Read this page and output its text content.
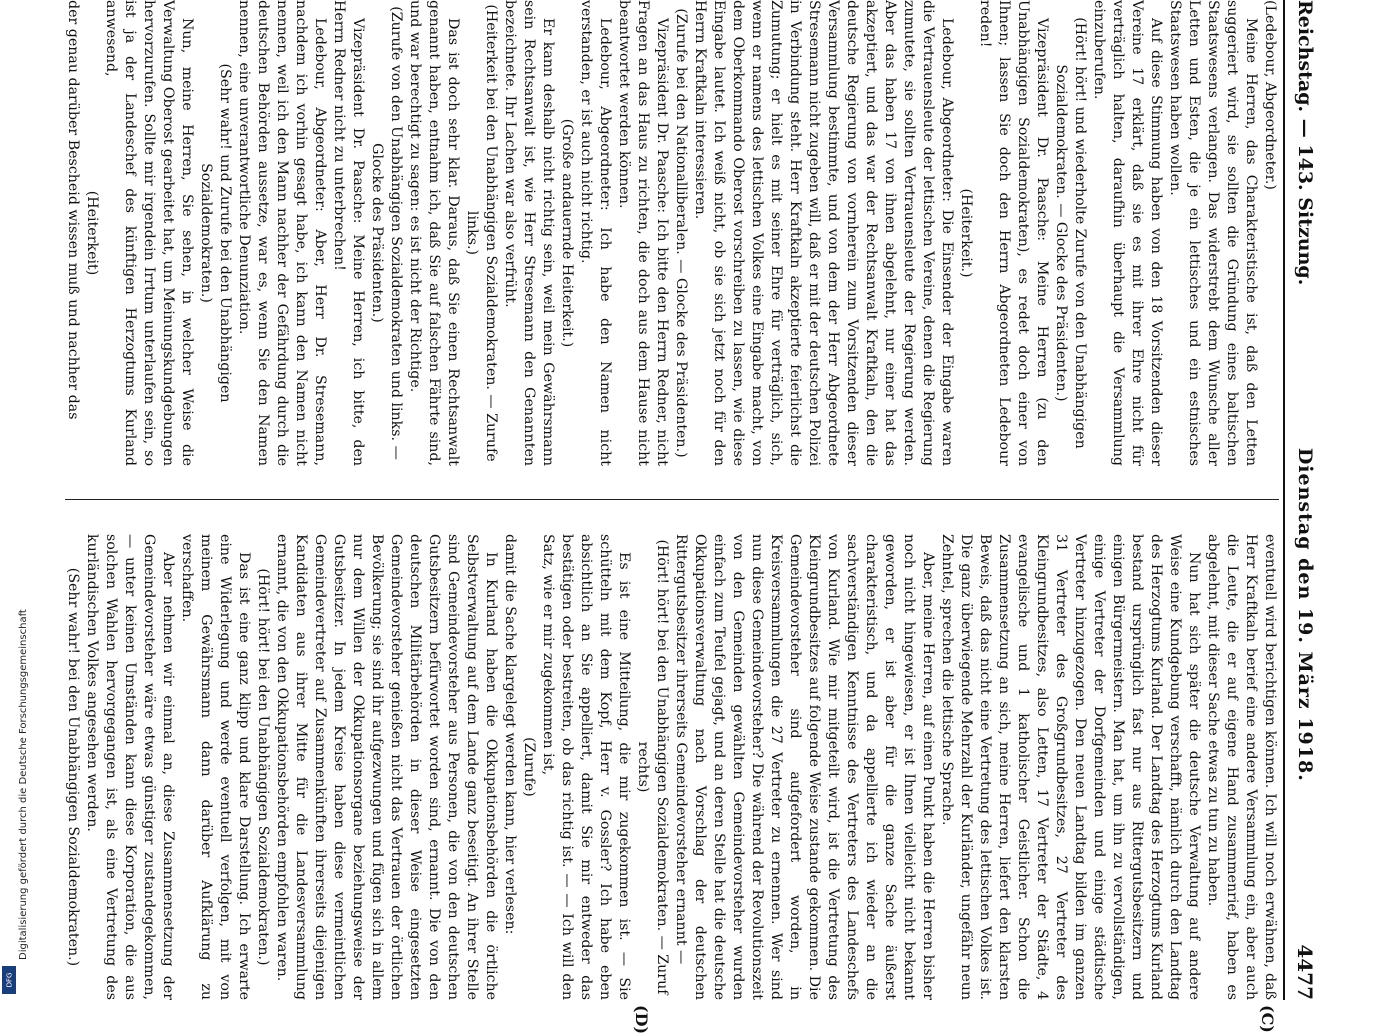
Digitalisierung gefördert durch die Deutsche Forschungsgemeinschaft
DFG
Reichstag. — 143. Sitzung.
Dienstag den 19. März 1918.
4477

(Ledebour, Abgeordneter.)

Meine Herren, das Charakteristische ist, daß den Letten suggeriert wird, sie sollten die Gründung eines baltischen Staatswesens verlangen. Das widerstrebt dem Wunsche aller Letten und Esten, die je ein lettisches und ein estnisches Staatswesen haben wollen.

Auf diese Stimmung haben von den 18 Vorsitzenden dieser Vereine 17 erklärt, daß sie es mit ihrer Ehre nicht für verträglich halten, daraufhin überhaupt die Versammlung einzuberufen.

(Hört! hört! und wiederholte Zurufe von den Unabhängigen Sozialdemokraten. — Glocke des Präsidenten.)

Vizepräsident Dr. Paasche: Meine Herren (zu den Unabhängigen Sozialdemokraten), es redet doch einer von Ihnen; lassen Sie doch den Herrn Abgeordneten Ledebour reden!

(Heiterkeit.)

Ledebour, Abgeordneter: Die Einsender der Eingabe waren die Vertrauensleute der lettischen Vereine, denen die Regierung zumutete, sie sollten Vertrauensleute der Regierung werden. Aber das haben 17 von ihnen abgelehnt, nur einer hat das akzeptiert, und das war der Rechtsanwalt Kraftkaln, den die deutsche Regierung von vornherein zum Vorsitzenden dieser Versammlung bestimmte, und von dem der Herr Abgeordnete Stresemann nicht zugeben will, daß er mit der deutschen Polizei in Verbindung steht. Herr Kraftkaln akzeptierte feierlichst die Zumutung; er hielt es mit seiner Ehre für verträglich, sich, wenn er namens des lettischen Volkes eine Eingabe macht, von dem Oberkommando Oberost vorschreiben zu lassen, wie diese Eingabe lautet. Ich weiß nicht, ob sie sich jetzt noch für den Herrn Kraftkaln interessieren.

(Zurufe bei den Nationalliberalen. — Glocke des Präsidenten.)

Vizepräsident Dr. Paasche: Ich bitte den Herrn Redner, nicht Fragen an das Haus zu richten, die doch aus dem Hause nicht beantwortet werden können.

Ledebour, Abgeordneter: Ich habe den Namen nicht verstanden, er ist auch nicht richtig.

(Große andauernde Heiterkeit.)

Er kann deshalb nicht richtig sein, weil mein Gewährsmann sein Rechtsanwalt ist, wie Herr Stresemann den Genannten bezeichnete. Ihr Lachen war also verfrüht.

(Heiterkeit bei den Unabhängigen Sozialdemokraten. — Zurufe links.)

Das ist doch sehr klar. Daraus, daß Sie einen Rechtsanwalt genannt haben, entnahm ich, daß Sie auf falschen Fährte sind, und war berechtigt zu sagen: es ist nicht der Richtige.

(Zurufe von den Unabhängigen Sozialdemokraten und links. — Glocke des Präsidenten.)

Vizepräsident Dr. Paasche: Meine Herren, ich bitte, den Herrn Redner nicht zu unterbrechen!

Ledebour, Abgeordneter: Aber, Herr Dr. Stresemann, nachdem ich vorhin gesagt habe, ich kann den Namen nicht nennen, weil ich den Mann nachher der Gefährdung durch die deutschen Behörden aussetze, war es, wenn Sie den Namen nennen, eine unverantwortliche Denunziation.

(Sehr wahr! und Zurufe bei den Unabhängigen Sozialdemokraten.)

Nun, meine Herren, Sie sehen, in welcher Weise die Verwaltung Oberost gearbeitet hat, um Meinungskundgebungen hervorzurufen. Sollte mir irgendein Irrtum unterlaufen sein, so ist ja der Landeschef des künftigen Herzogtums Kurland anwesend,

(Heiterkeit)

der genau darüber Bescheid wissen muß und nachher das

eventuell wird berichtigen können. Ich will noch erwähnen, daß Herr Kraftkaln berief eine andere Versammlung ein, aber auch die Leute, die er auf eigene Hand zusammenrief, haben es abgelehnt, mit dieser Sache etwas zu tun zu haben.

Nun hat sich später die deutsche Verwaltung auf andere Weise eine Kundgebung verschafft, nämlich durch den Landtag des Herzogtums Kurland. Der Landtag des Herzogtums Kurland bestand ursprünglich fast nur aus Rittergutsbesitzern und einigen Bürgermeistern. Man hat, um ihn zu vervollständigen, einige Vertreter der Dorfgemeinden und einige städtische Vertreter hinzugezogen. Den neuen Landtag bilden im ganzen 31 Vertreter des Großgrundbesitzes, 27 Vertreter des Kleingrundbesitzes, also Letten, 17 Vertreter der Städte, 4 evangelische und 1 katholischer Geistlicher. Schon die Zusammensetzung an sich, meine Herren, liefert den klarsten Beweis, daß das nicht eine Vertretung des lettischen Volkes ist. Die ganz überwiegende Mehrzahl der Kurländer, ungefähr neun Zehntel, sprechen die lettische Sprache.

Aber, meine Herren, auf einen Punkt haben die Herren bisher noch nicht hingewiesen, er ist Ihnen vielleicht nicht bekannt geworden, er ist aber für die ganze Sache äußerst charakteristisch, und da appellierte ich wieder an die sachverständigen Kenntnisse des Vertreters des Landeschefs von Kurland. Wie mir mitgeteilt wird, ist die Vertretung des Kleingrundbesitzes auf folgende Weise zustande gekommen. Die Gemeindevorsteher sind aufgefordert worden, in Kreisversammlungen die 27 Vertreter zu ernennen. Wer sind nun diese Gemeindevorsteher? Die während der Revolutionszeit von den Gemeinden gewählten Gemeindevorsteher wurden einfach zum Teufel gejagt, und an deren Stelle hat die deutsche Okkupationsverwaltung nach Vorschlag der deutschen Rittergutsbesitzer ihrerseits Gemeindevorsteher ernannt —

(Hört! hört! bei den Unabhängigen Sozialdemokraten. — Zuruf rechts)

Es ist eine Mitteilung, die mir zugekommen ist. — Sie schütteln mit dem Kopf, Herr v. Gossler? Ich habe eben absichtlich an Sie appelliert, damit Sie mir entweder das bestätigen oder bestreiten, ob das richtig ist. — — Ich will den Satz, wie er mir zugekommen ist,

(Zurufe)

damit die Sache klargelegt werden kann, hier verlesen:

In Kurland haben die Okkupationsbehörden die örtliche Selbstverwaltung auf dem Lande ganz beseitigt. An ihrer Stelle sind Gemeindevorsteher aus Personen, die von den deutschen Gutsbesitzern befürwortet worden sind, ernannt. Die von den deutschen Militärbehörden in dieser Weise eingesetzten Gemeindevorsteher genießen nicht das Vertrauen der örtlichen Bevölkerung; sie sind ihr aufgezwungen und fügen sich in allem nur dem Willen der Okkupationsorgane beziehungsweise der Gutsbesitzer. In jedem Kreise haben diese vermeintlichen Gemeindevertreter auf Zusammenkünften ihrerseits diejenigen Kandidaten aus ihrer Mitte für die Landesversammlung ernannt, die von den Okkupationsbehörden empfohlen waren.

(Hört! hört! bei den Unabhängigen Sozialdemokraten.)

Das ist eine ganz klipp und klare Darstellung. Ich erwarte eine Widerlegung und werde eventuell verfolgen, mit von meinem Gewährsmann dann darüber Aufklärung zu verschaffen.

Aber nehmen wir einmal an, diese Zusammensetzung der Gemeindevorsteher wäre etwas günstiger zustandegekommen, — unter keinen Umständen kann diese Korporation, die aus solchen Wahlen hervorgegangen ist, als eine Vertretung des kurländischen Volkes angesehen werden.

(Sehr wahr! bei den Unabhängigen Sozialdemokraten.)

(C)
(D)
